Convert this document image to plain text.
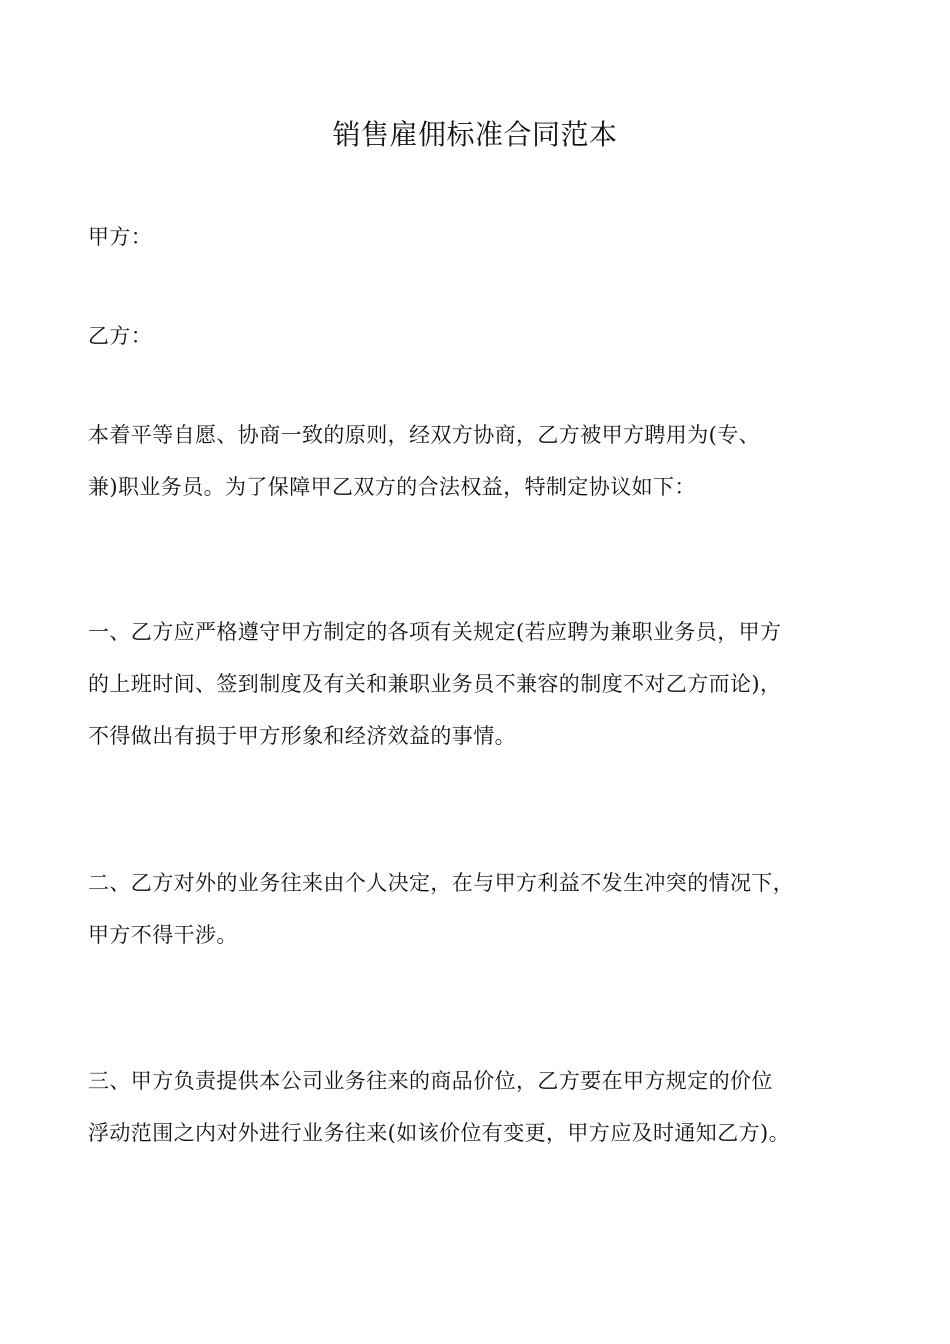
销售雇佣标准合同范本

甲方：

乙方：

本着平等自愿、协商一致的原则，经双方协商，乙方被甲方聘用为(专、
兼)职业务员。为了保障甲乙双方的合法权益，特制定协议如下：
一、乙方应严格遵守甲方制定的各项有关规定(若应聘为兼职业务员，甲方
的上班时间、签到制度及有关和兼职业务员不兼容的制度不对乙方而论)，
不得做出有损于甲方形象和经济效益的事情。
二、乙方对外的业务往来由个人决定，在与甲方利益不发生冲突的情况下，
甲方不得干涉。
三、甲方负责提供本公司业务往来的商品价位，乙方要在甲方规定的价位
浮动范围之内对外进行业务往来(如该价位有变更，甲方应及时通知乙方)。
